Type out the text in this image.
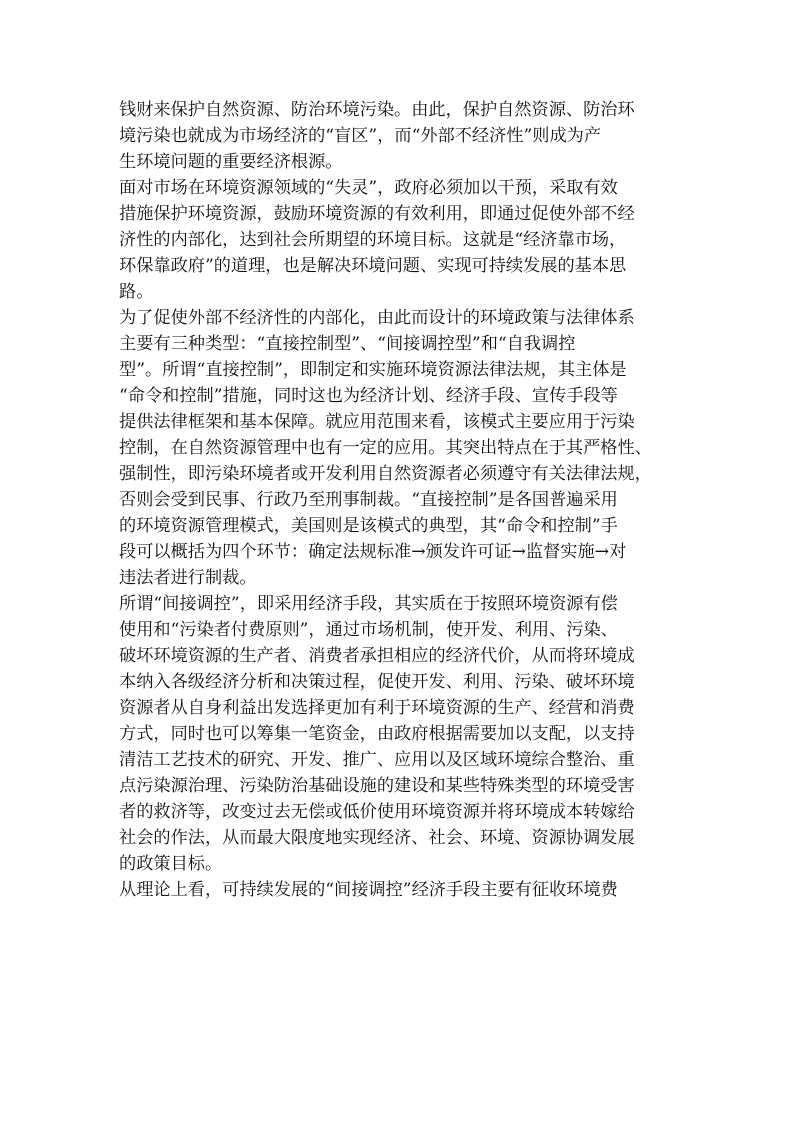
钱财来保护自然资源、防治环境污染。由此，保护自然资源、防治环
境污染也就成为市场经济的“盲区”，而“外部不经济性”则成为产
生环境问题的重要经济根源。
面对市场在环境资源领域的“失灵”，政府必须加以干预，采取有效
措施保护环境资源，鼓励环境资源的有效利用，即通过促使外部不经
济性的内部化，达到社会所期望的环境目标。这就是“经济靠市场，
环保靠政府”的道理，也是解决环境问题、实现可持续发展的基本思
路。
为了促使外部不经济性的内部化，由此而设计的环境政策与法律体系
主要有三种类型：“直接控制型”、“间接调控型”和“自我调控
型”。所谓“直接控制”，即制定和实施环境资源法律法规，其主体是
“命令和控制”措施，同时这也为经济计划、经济手段、宣传手段等
提供法律框架和基本保障。就应用范围来看，该模式主要应用于污染
控制，在自然资源管理中也有一定的应用。其突出特点在于其严格性、
强制性，即污染环境者或开发利用自然资源者必须遵守有关法律法规，
否则会受到民事、行政乃至刑事制裁。“直接控制”是各国普遍采用
的环境资源管理模式，美国则是该模式的典型，其“命令和控制”手
段可以概括为四个环节：确定法规标准→颁发许可证→监督实施→对
违法者进行制裁。
所谓“间接调控”，即采用经济手段，其实质在于按照环境资源有偿
使用和“污染者付费原则”，通过市场机制，使开发、利用、污染、
破坏环境资源的生产者、消费者承担相应的经济代价，从而将环境成
本纳入各级经济分析和决策过程，促使开发、利用、污染、破坏环境
资源者从自身利益出发选择更加有利于环境资源的生产、经营和消费
方式，同时也可以筹集一笔资金，由政府根据需要加以支配，以支持
清洁工艺技术的研究、开发、推广、应用以及区域环境综合整治、重
点污染源治理、污染防治基础设施的建设和某些特殊类型的环境受害
者的救济等，改变过去无偿或低价使用环境资源并将环境成本转嫁给
社会的作法，从而最大限度地实现经济、社会、环境、资源协调发展
的政策目标。
从理论上看，可持续发展的“间接调控”经济手段主要有征收环境费
